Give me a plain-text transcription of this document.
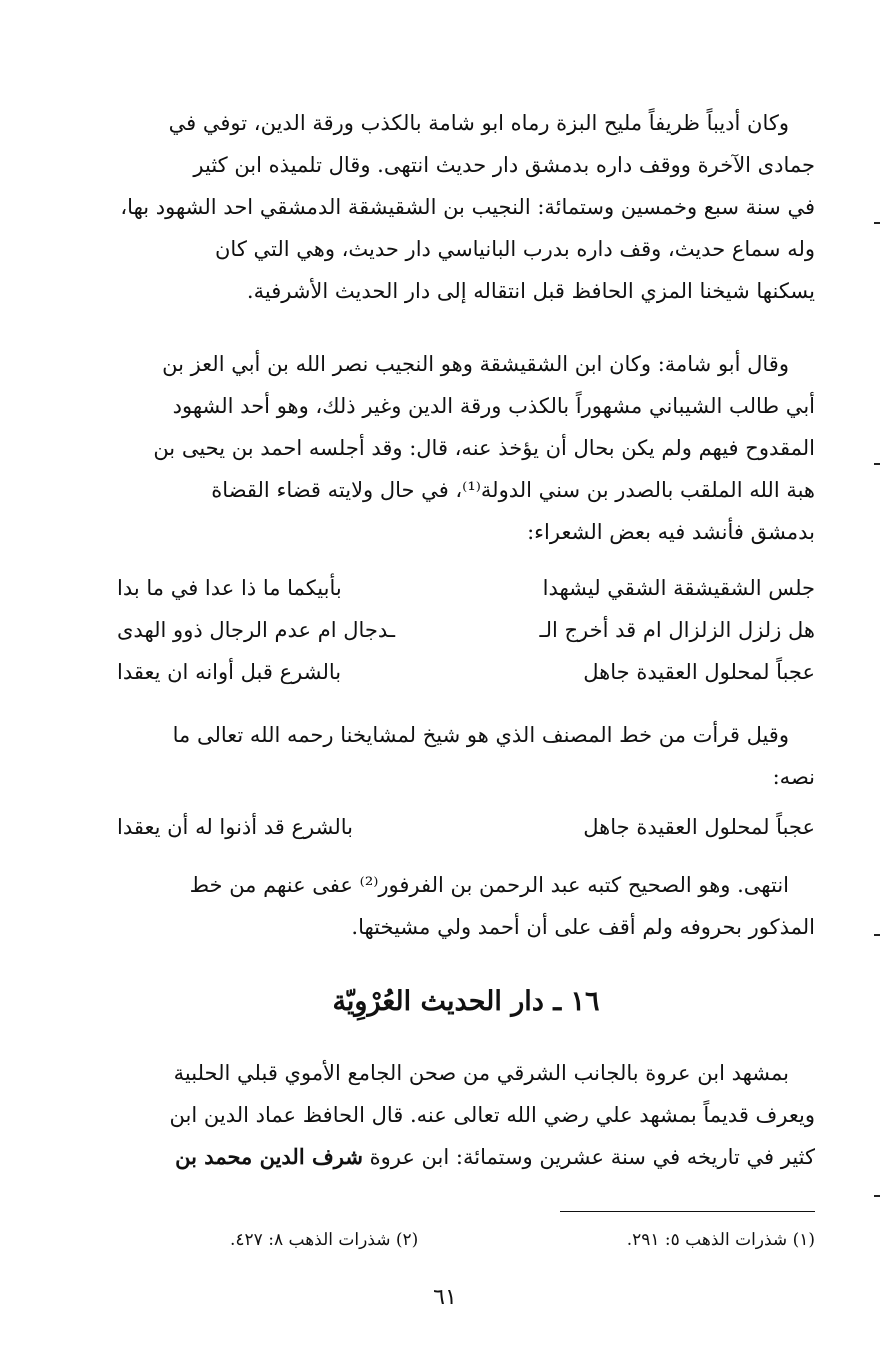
وكان أديباً ظريفاً مليح البزة رماه ابو شامة بالكذب ورقة الدين، توفي في

جمادى الآخرة ووقف داره بدمشق دار حديث انتهى. وقال تلميذه ابن كثير

في سنة سبع وخمسين وستمائة: النجيب بن الشقيشقة الدمشقي احد الشهود بها،

وله سماع حديث، وقف داره بدرب البانياسي دار حديث، وهي التي كان

يسكنها شيخنا المزي الحافظ قبل انتقاله إلى دار الحديث الأشرفية.

وقال أبو شامة: وكان ابن الشقيشقة وهو النجيب نصر الله بن أبي العز بن

أبي طالب الشيباني مشهوراً بالكذب ورقة الدين وغير ذلك، وهو أحد الشهود

المقدوح فيهم ولم يكن بحال أن يؤخذ عنه، قال: وقد أجلسه احمد بن يحيى بن

هبة الله الملقب بالصدر بن سني الدولة⁽¹⁾، في حال ولايته قضاء القضاة

بدمشق فأنشد فيه بعض الشعراء:

جلس الشقيشقة الشقي ليشهدا
بأبيكما ما ذا عدا في ما بدا
هل زلزل الزلزال ام قد أخرج الـ
ـدجال ام عدم الرجال ذوو الهدى
عجباً لمحلول العقيدة جاهل
بالشرع قبل أوانه ان يعقدا

وقيل قرأت من خط المصنف الذي هو شيخ لمشايخنا رحمه الله تعالى ما

نصه:

عجباً لمحلول العقيدة جاهل
بالشرع قد أذنوا له أن يعقدا

انتهى. وهو الصحيح كتبه عبد الرحمن بن الفرفور⁽²⁾ عفى عنهم من خط

المذكور بحروفه ولم أقف على أن أحمد ولي مشيختها.

١٦ ـ دار الحديث العُرْوِيّة

بمشهد ابن عروة بالجانب الشرقي من صحن الجامع الأموي قبلي الحلبية

ويعرف قديماً بمشهد علي رضي الله تعالى عنه. قال الحافظ عماد الدين ابن

كثير في تاريخه في سنة عشرين وستمائة: ابن عروة شرف الدين محمد بن

(١) شذرات الذهب ٥: ٢٩١.
(٢) شذرات الذهب ٨: ٤٢٧.
٦١
